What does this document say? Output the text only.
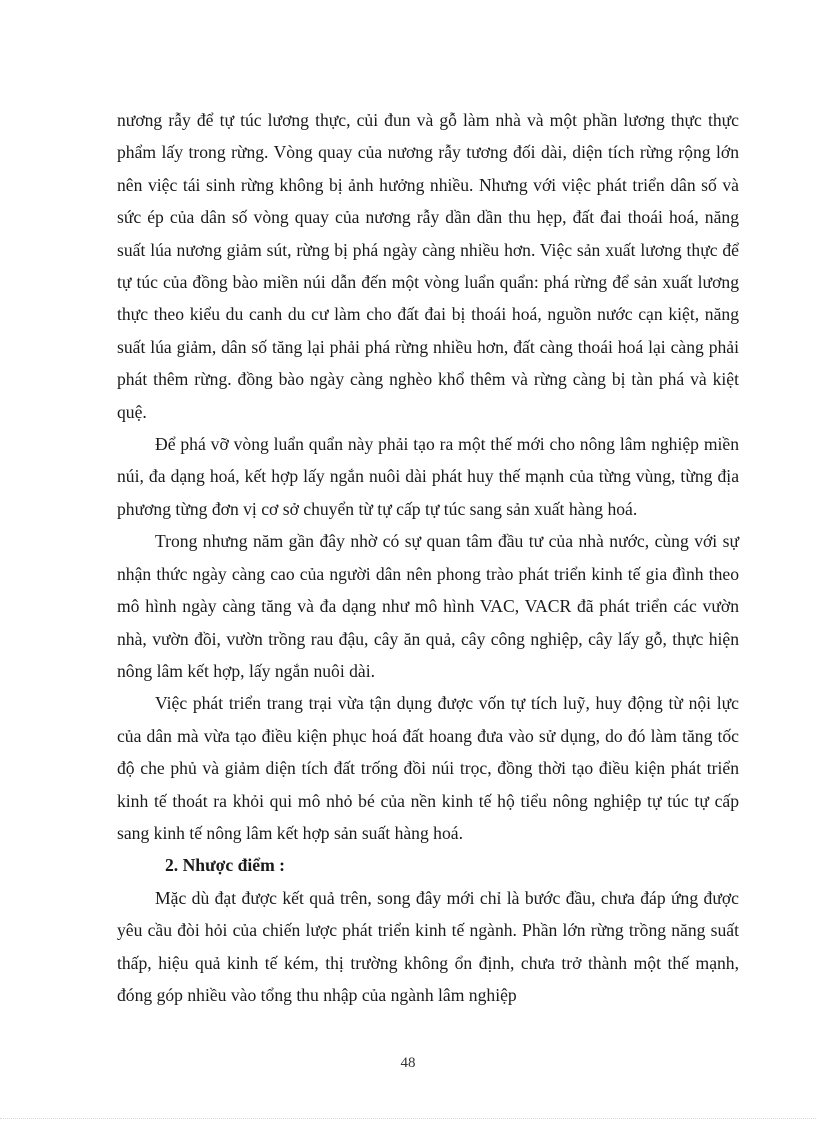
nương rẫy để tự túc lương thực, củi đun và gỗ làm nhà và một phần lương thực thực phẩm lấy trong rừng. Vòng quay của nương rẫy tương đối dài, diện tích rừng rộng lớn nên việc tái sinh rừng không bị ảnh hưởng nhiều. Nhưng với việc phát triển dân số và sức ép của dân số vòng quay của nương rẫy dần dần thu hẹp, đất đai thoái hoá, năng suất lúa nương giảm sút, rừng bị phá ngày càng nhiều hơn. Việc sản xuất lương thực để tự túc của đồng bào miền núi dẫn đến một vòng luẩn quẩn: phá rừng để sản xuất lương thực theo kiểu du canh du cư làm cho đất đai bị thoái hoá, nguồn nước cạn kiệt, năng suất lúa giảm, dân số tăng lại phải phá rừng nhiều hơn, đất càng thoái hoá lại càng phải phát thêm rừng. đồng bào ngày càng nghèo khổ thêm và rừng càng bị tàn phá và kiệt quệ.

Để phá vỡ vòng luẩn quẩn này phải tạo ra một thế mới cho nông lâm nghiệp miền núi, đa dạng hoá, kết hợp lấy ngắn nuôi dài phát huy thế mạnh của từng vùng, từng địa phương từng đơn vị cơ sở chuyển từ tự cấp tự túc sang sản xuất hàng hoá.

Trong nhưng năm gần đây nhờ có sự quan tâm đầu tư của nhà nước, cùng với sự nhận thức ngày càng cao của người dân nên phong trào phát triển kinh tế gia đình theo mô hình ngày càng tăng và đa dạng như mô hình VAC, VACR đã phát triển các vườn nhà, vườn đồi, vườn trồng rau đậu, cây ăn quả, cây công nghiệp, cây lấy gỗ, thực hiện nông lâm kết hợp, lấy ngắn nuôi dài.

Việc phát triển trang trại vừa tận dụng được vốn tự tích luỹ, huy động từ nội lực của dân mà vừa tạo điều kiện phục hoá đất hoang đưa vào sử dụng, do đó làm tăng tốc độ che phủ và giảm diện tích đất trống đồi núi trọc, đồng thời tạo điều kiện phát triển kinh tế thoát ra khỏi qui mô nhỏ bé của nền kinh tế hộ tiểu nông nghiệp tự túc tự cấp sang kinh tế nông lâm kết hợp sản suất hàng hoá.

2. Nhược điểm :

Mặc dù đạt được kết quả trên, song đây mới chỉ là bước đầu, chưa đáp ứng được yêu cầu đòi hỏi của chiến lược phát triển kinh tế ngành. Phần lớn rừng trồng năng suất thấp, hiệu quả kinh tế kém, thị trường không ổn định, chưa trở thành một thế mạnh, đóng góp nhiều vào tổng thu nhập của ngành lâm nghiệp

48
